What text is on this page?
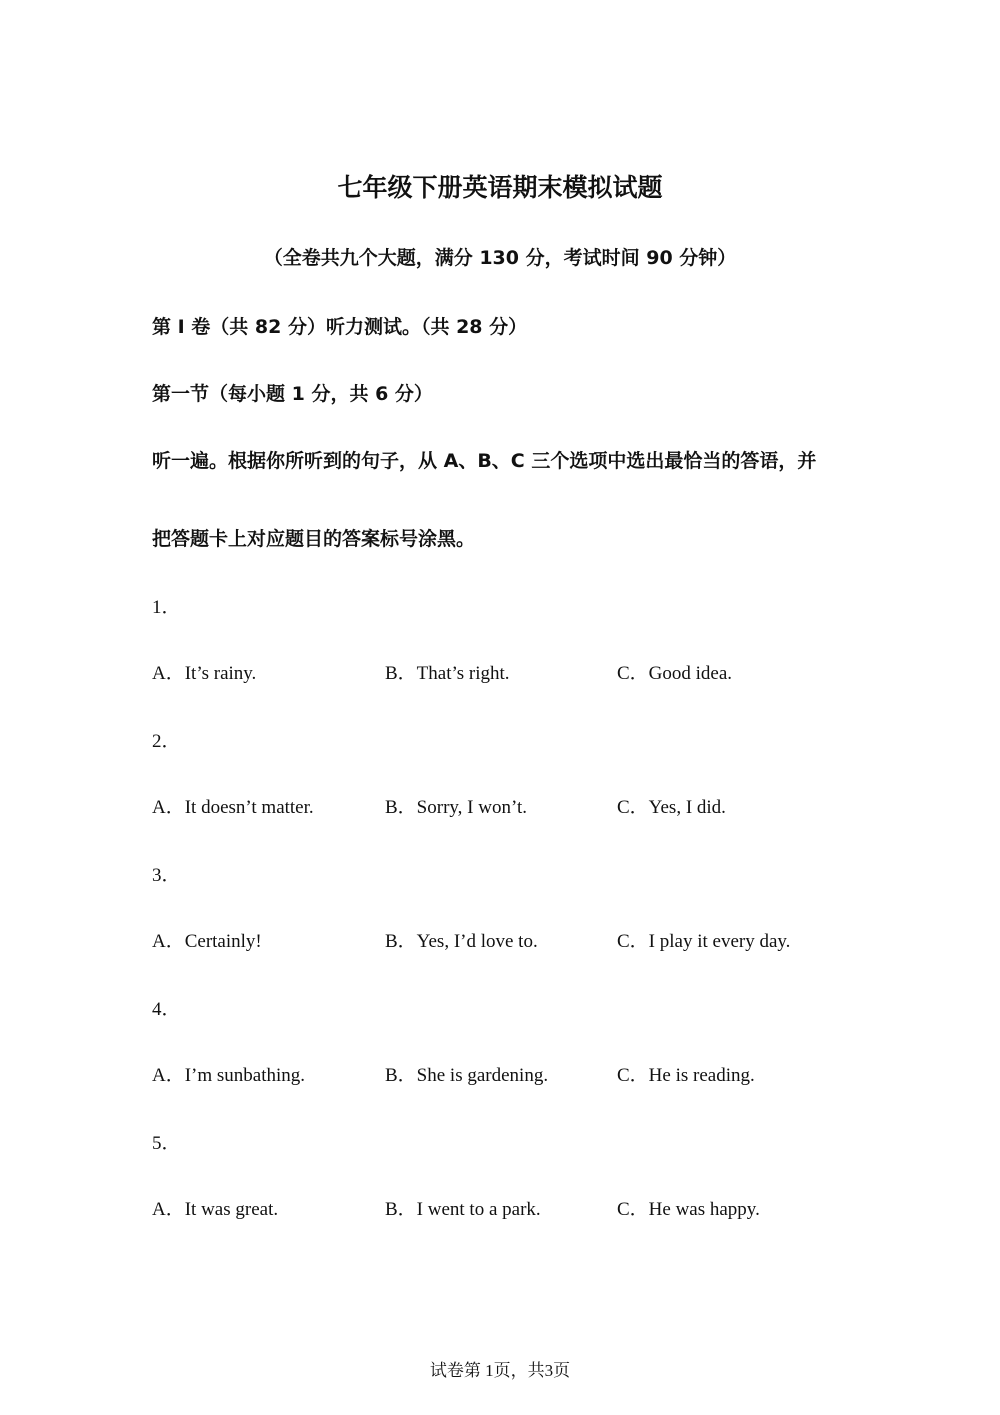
七年级下册英语期末模拟试题
（全卷共九个大题，满分 130 分，考试时间 90 分钟）
第 I 卷（共 82 分）听力测试。（共 28 分）
第一节（每小题 1 分，共 6 分）
听一遍。根据你所听到的句子，从 A、B、C 三个选项中选出最恰当的答语，并
把答题卡上对应题目的答案标号涂黑。
1．
A．It’s rainy.	B．That’s right.	C．Good idea.
2．
A．It doesn’t matter.	B．Sorry, I won’t.	C．Yes, I did.
3．
A．Certainly!	B．Yes, I’d love to.	C．I play it every day.
4．
A．I’m sunbathing.	B．She is gardening.	C．He is reading.
5．
A．It was great.	B．I went to a park.	C．He was happy.
试卷第 1页，共3页
